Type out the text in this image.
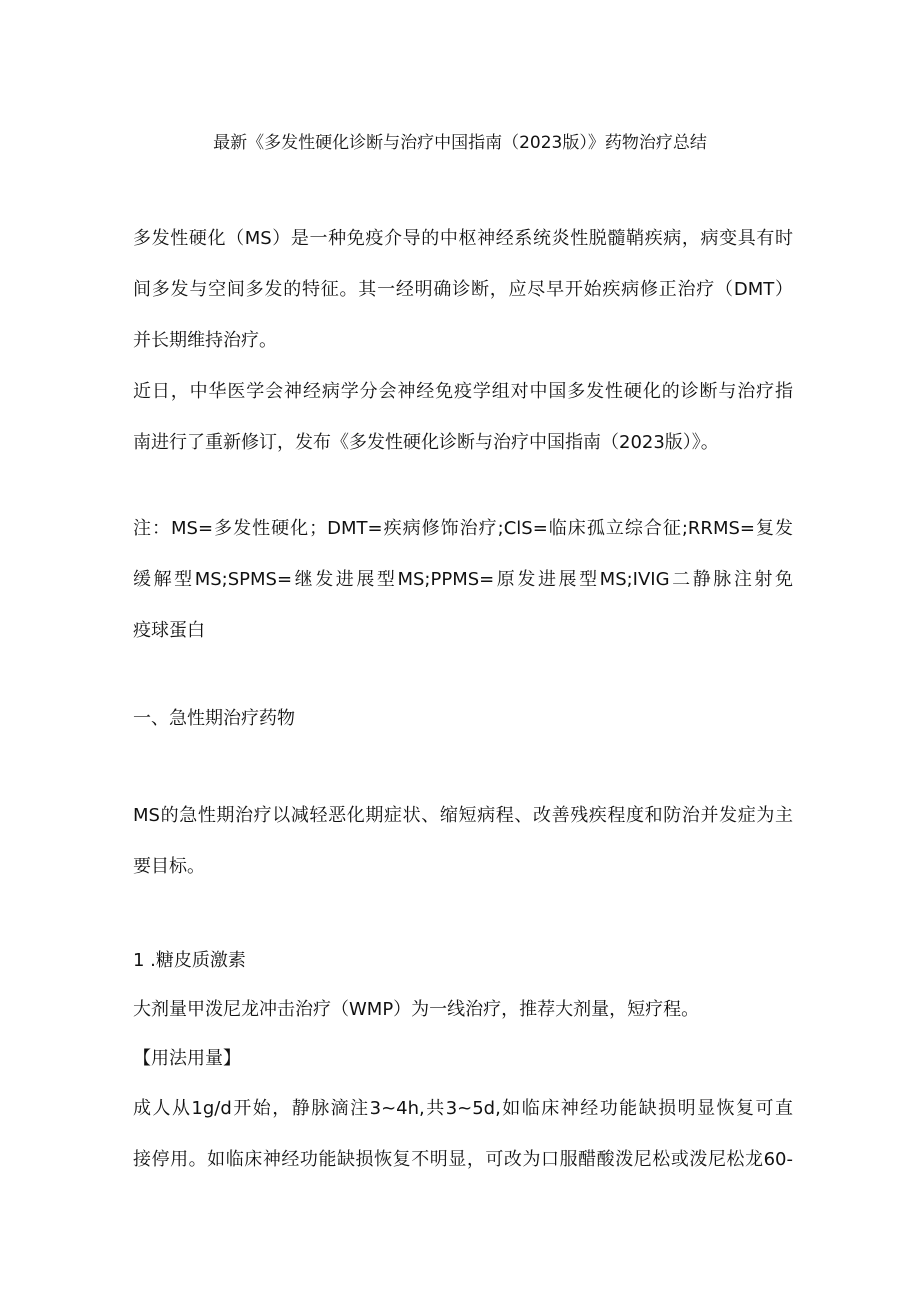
最新《多发性硬化诊断与治疗中国指南（2023版）》药物治疗总结

多发性硬化（MS）是一种免疫介导的中枢神经系统炎性脱髓鞘疾病，病变具有时
间多发与空间多发的特征。其一经明确诊断，应尽早开始疾病修正治疗（DMT）
并长期维持治疗。
近日，中华医学会神经病学分会神经免疫学组对中国多发性硬化的诊断与治疗指
南进行了重新修订，发布《多发性硬化诊断与治疗中国指南（2023版）》。

注：MS=多发性硬化；DMT=疾病修饰治疗;ClS=临床孤立综合征;RRMS=复发
缓解型MS;SPMS=继发进展型MS;PPMS=原发进展型MS;IVIG二静脉注射免
疫球蛋白

一、急性期治疗药物

MS的急性期治疗以减轻恶化期症状、缩短病程、改善残疾程度和防治并发症为主
要目标。

1 .糖皮质激素

大剂量甲泼尼龙冲击治疗（WMP）为一线治疗，推荐大剂量，短疗程。

【用法用量】

成人从1g/d开始，静脉滴注3~4h,共3~5d,如临床神经功能缺损明显恢复可直
接停用。如临床神经功能缺损恢复不明显，可改为口服醋酸泼尼松或泼尼松龙60-
